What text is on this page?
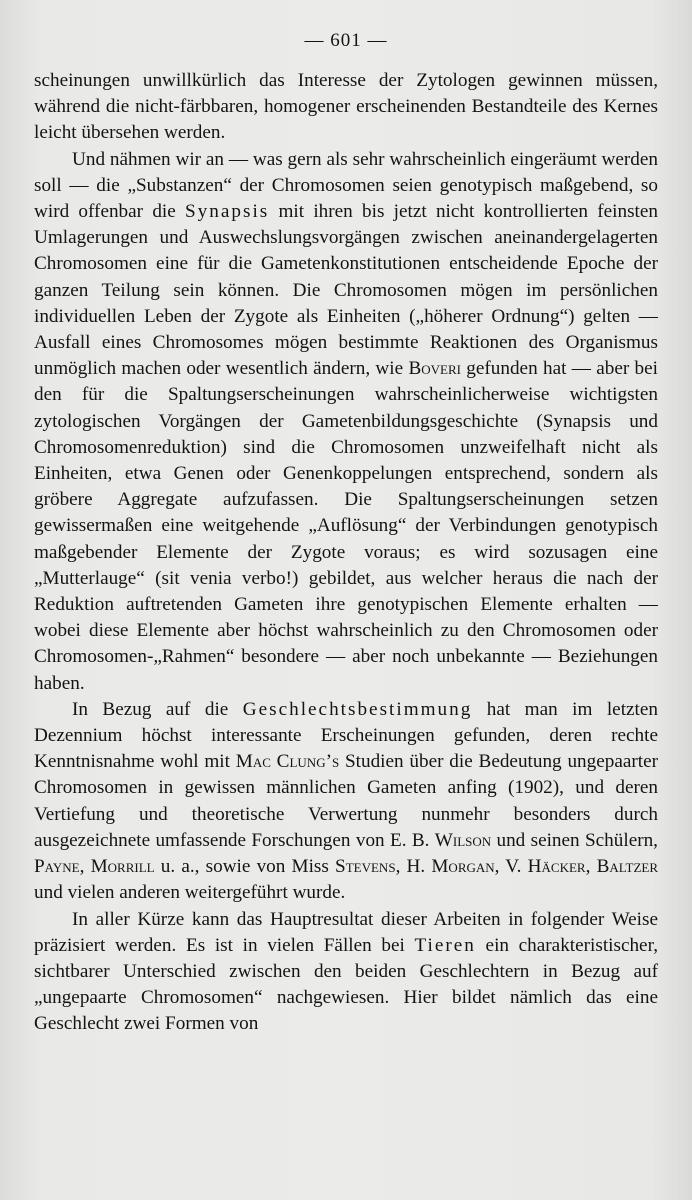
— 601 —

scheinungen unwillkürlich das Interesse der Zytologen gewinnen müssen, während die nicht-färbbaren, homogener erscheinenden Bestandteile des Kernes leicht übersehen werden.

Und nähmen wir an — was gern als sehr wahrscheinlich eingeräumt werden soll — die „Substanzen“ der Chromosomen seien genotypisch maßgebend, so wird offenbar die Synapsis mit ihren bis jetzt nicht kontrollierten feinsten Umlagerungen und Auswechslungsvorgängen zwischen aneinandergelagerten Chromosomen eine für die Gametenkonstitutionen entscheidende Epoche der ganzen Teilung sein können. Die Chromosomen mögen im persönlichen individuellen Leben der Zygote als Einheiten („höherer Ordnung“) gelten — Ausfall eines Chromosomes mögen bestimmte Reaktionen des Organismus unmöglich machen oder wesentlich ändern, wie Boveri gefunden hat — aber bei den für die Spaltungserscheinungen wahrscheinlicherweise wichtigsten zytologischen Vorgängen der Gametenbildungsgeschichte (Synapsis und Chromosomenreduktion) sind die Chromosomen unzweifelhaft nicht als Einheiten, etwa Genen oder Genenkoppelungen entsprechend, sondern als gröbere Aggregate aufzufassen. Die Spaltungserscheinungen setzen gewissermaßen eine weitgehende „Auflösung“ der Verbindungen genotypisch maßgebender Elemente der Zygote voraus; es wird sozusagen eine „Mutterlauge“ (sit venia verbo!) gebildet, aus welcher heraus die nach der Reduktion auftretenden Gameten ihre genotypischen Elemente erhalten — wobei diese Elemente aber höchst wahrscheinlich zu den Chromosomen oder Chromosomen-„Rahmen“ besondere — aber noch unbekannte — Beziehungen haben.

In Bezug auf die Geschlechtsbestimmung hat man im letzten Dezennium höchst interessante Erscheinungen gefunden, deren rechte Kenntnisnahme wohl mit Mac Clung’s Studien über die Bedeutung ungepaarter Chromosomen in gewissen männlichen Gameten anfing (1902), und deren Vertiefung und theoretische Verwertung nunmehr besonders durch ausgezeichnete umfassende Forschungen von E. B. Wilson und seinen Schülern, Payne, Morrill u. a., sowie von Miss Stevens, H. Morgan, V. Häcker, Baltzer und vielen anderen weitergeführt wurde.

In aller Kürze kann das Hauptresultat dieser Arbeiten in folgender Weise präzisiert werden. Es ist in vielen Fällen bei Tieren ein charakteristischer, sichtbarer Unterschied zwischen den beiden Geschlechtern in Bezug auf „ungepaarte Chromosomen“ nachgewiesen. Hier bildet nämlich das eine Geschlecht zwei Formen von
